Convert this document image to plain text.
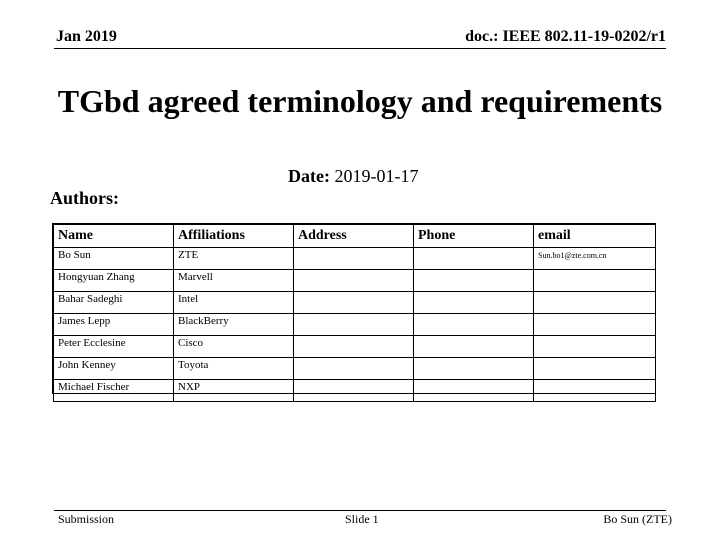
Jan 2019	doc.: IEEE 802.11-19-0202/r1
TGbd agreed terminology and requirements
Date: 2019-01-17
Authors:
Name	Affiliations	Address	Phone	email
Bo Sun	ZTE			Sun.bo1@zte.com.cn
Hongyuan Zhang	Marvell			
Bahar Sadeghi	Intel			
James Lepp	BlackBerry			
Peter Ecclesine	Cisco			
John Kenney	Toyota			
Michael Fischer	NXP			
Submission	Slide 1	Bo Sun (ZTE)
